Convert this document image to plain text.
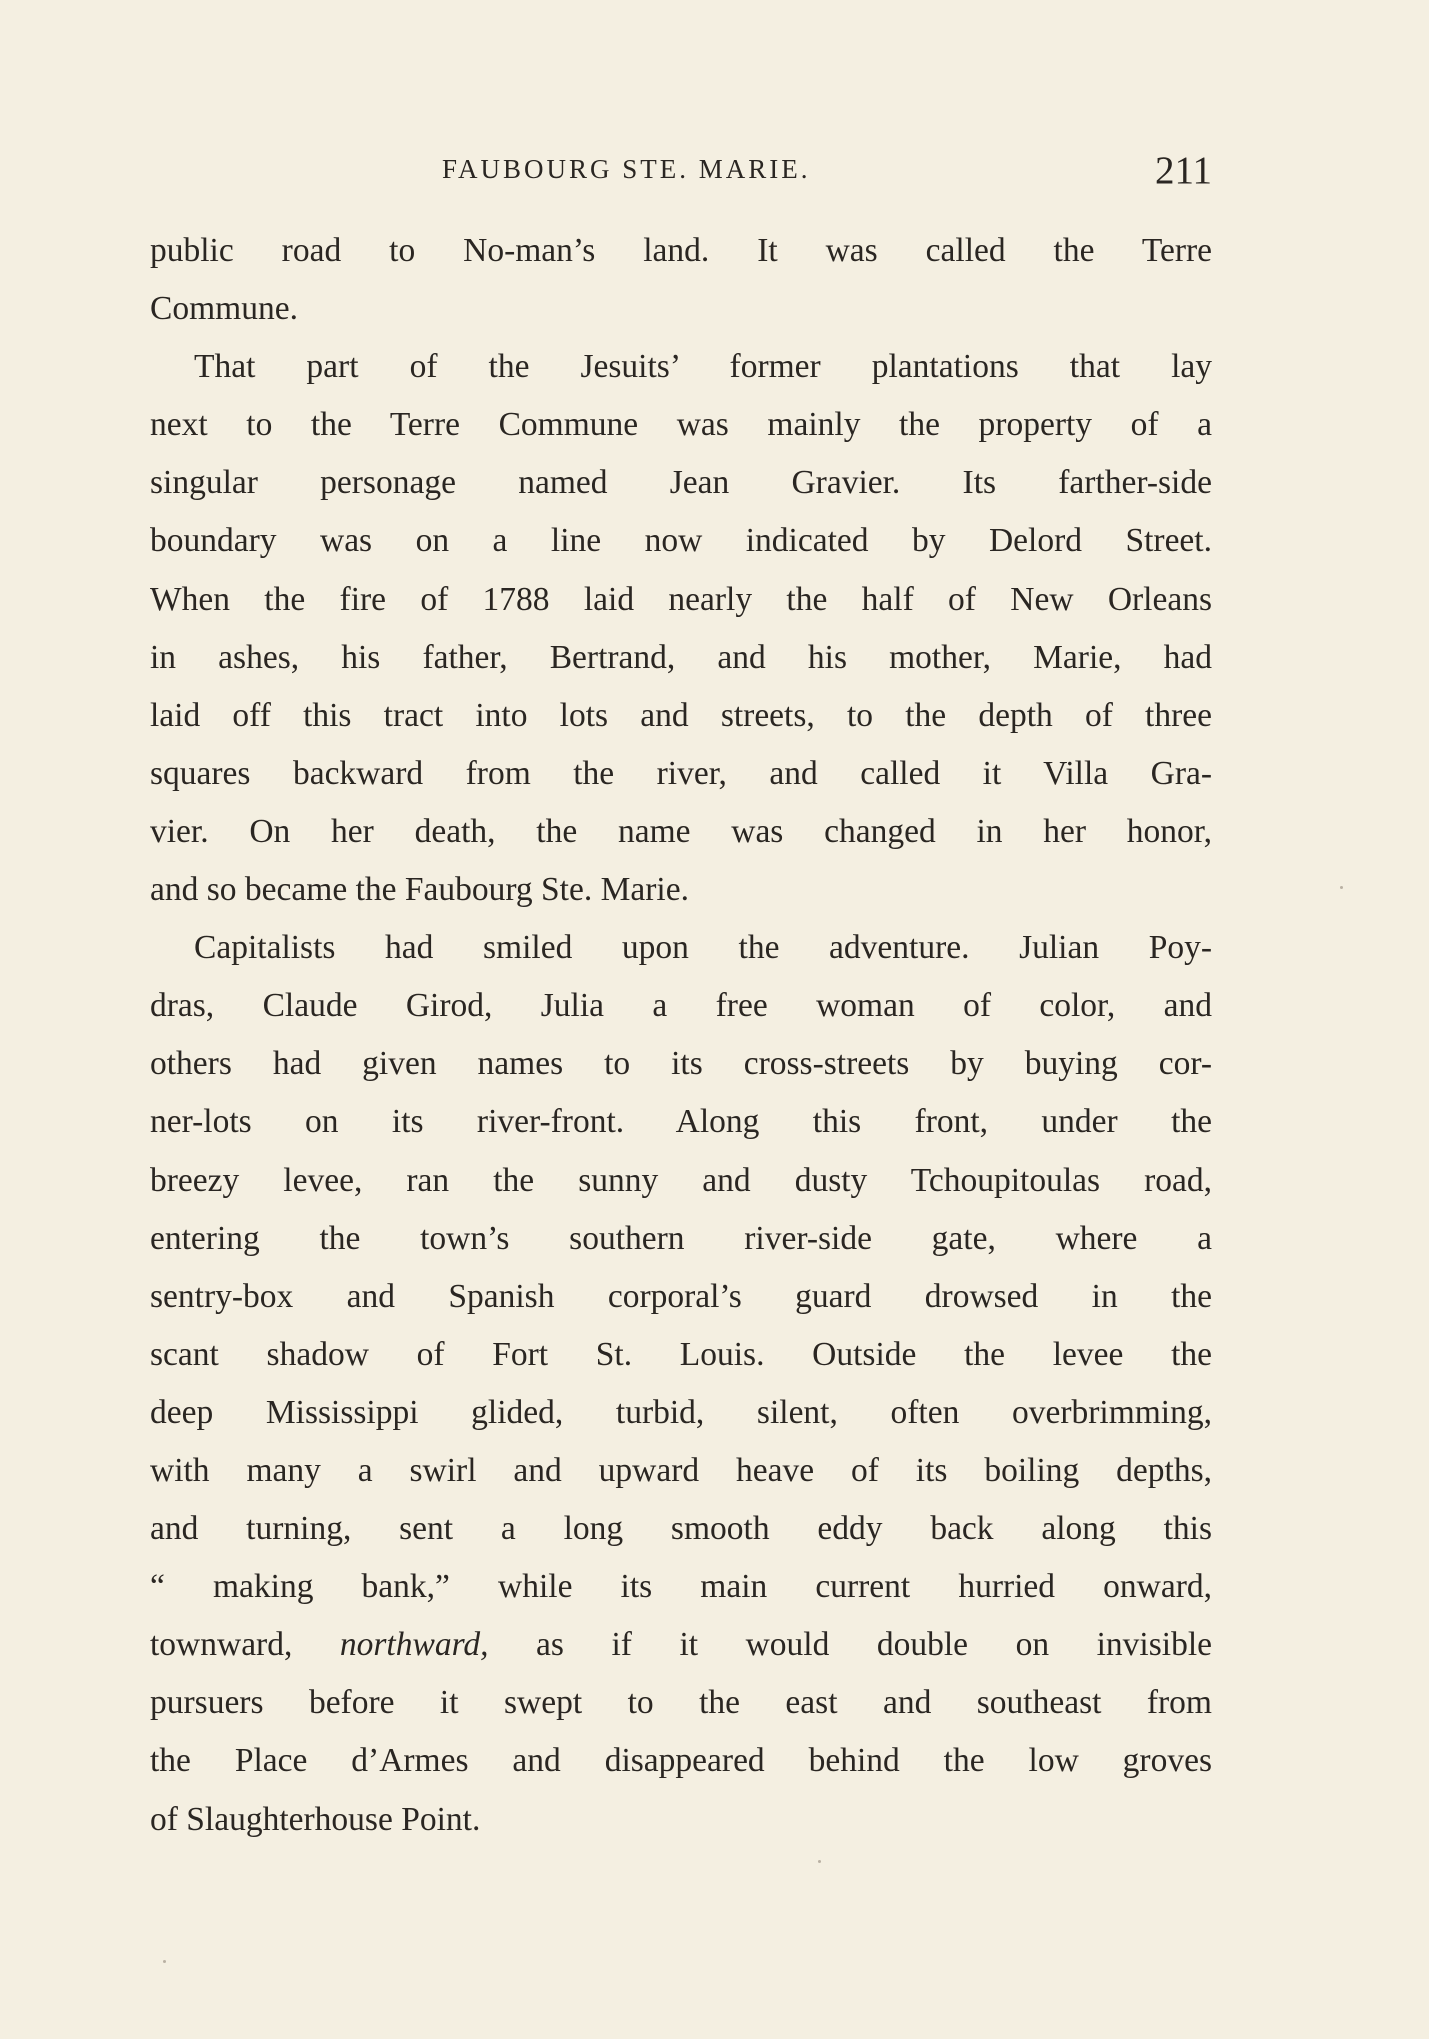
FAUBOURG STE. MARIE.	211
public road to No-man’s land. It was called the Terre
Commune.
That part of the Jesuits’ former plantations that lay
next to the Terre Commune was mainly the property of a
singular personage named Jean Gravier. Its farther-side
boundary was on a line now indicated by Delord Street.
When the fire of 1788 laid nearly the half of New Orleans
in ashes, his father, Bertrand, and his mother, Marie, had
laid off this tract into lots and streets, to the depth of three
squares backward from the river, and called it Villa Gra-
vier. On her death, the name was changed in her honor,
and so became the Faubourg Ste. Marie.
Capitalists had smiled upon the adventure. Julian Poy-
dras, Claude Girod, Julia a free woman of color, and
others had given names to its cross-streets by buying cor-
ner-lots on its river-front. Along this front, under the
breezy levee, ran the sunny and dusty Tchoupitoulas road,
entering the town’s southern river-side gate, where a
sentry-box and Spanish corporal’s guard drowsed in the
scant shadow of Fort St. Louis. Outside the levee the
deep Mississippi glided, turbid, silent, often overbrimming,
with many a swirl and upward heave of its boiling depths,
and turning, sent a long smooth eddy back along this
“ making bank,” while its main current hurried onward,
townward, northward, as if it would double on invisible
pursuers before it swept to the east and southeast from
the Place d’Armes and disappeared behind the low groves
of Slaughterhouse Point.
